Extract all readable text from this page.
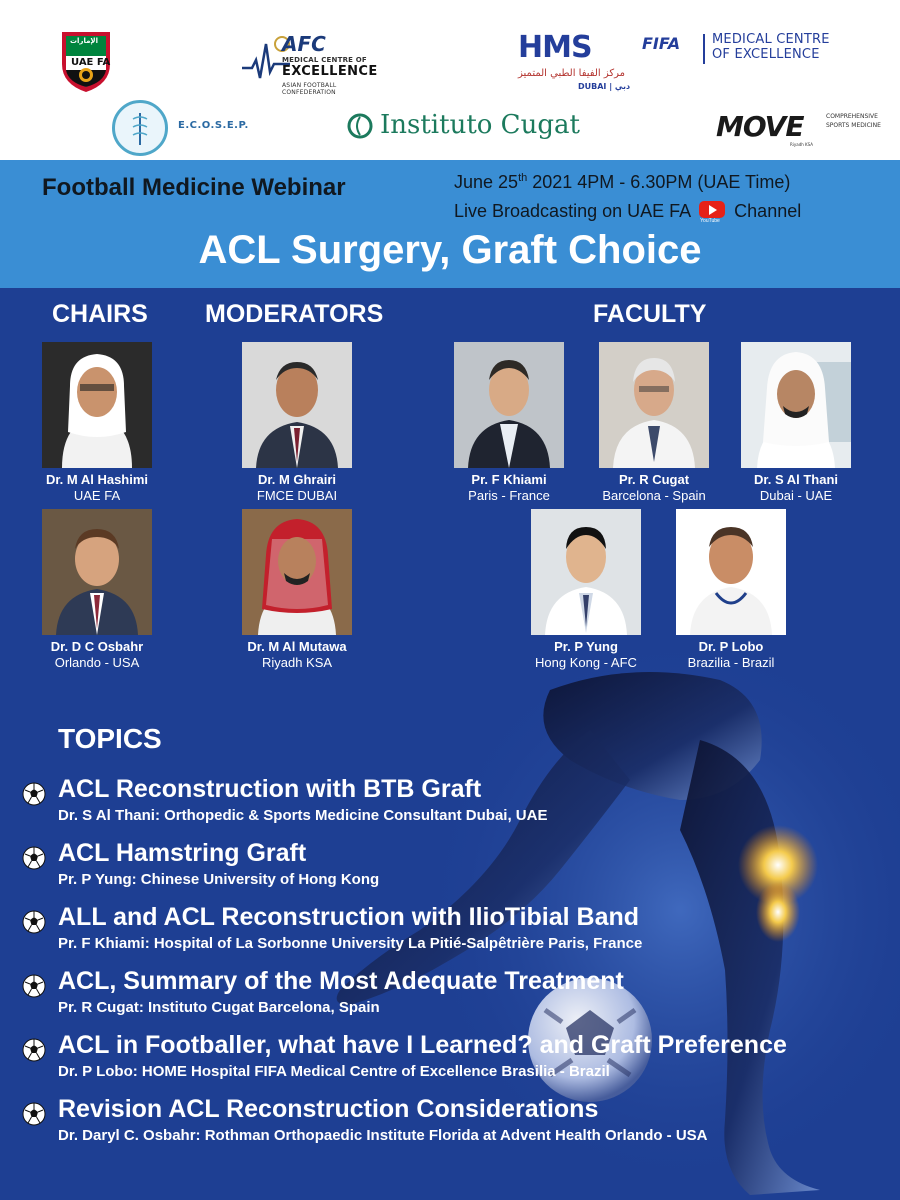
الإمارات
UAE FA
AFC
MEDICAL CENTRE OF
EXCELLENCE
ASIAN FOOTBALL CONFEDERATION
HMS	FIFA
مركز الفيفا الطبي المتميز
DUBAI | دبي
MEDICAL CENTRE
OF EXCELLENCE
E.C.O.S.E.P.	Instituto Cugat	MOVE	COMPREHENSIVE
SPORTS MEDICINE
Riyadh KSA
Football Medicine Webinar	June 25th 2021 4PM - 6.30PM (UAE Time)
Live Broadcasting on UAE FA YouTube Channel
ACL Surgery, Graft Choice
CHAIRS MODERATORS	FACULTY
Dr. M Al Hashimi
UAE FA
Dr. D C Osbahr
Orlando - USA
Dr. M Ghrairi
FMCE DUBAI
Dr. M Al Mutawa
Riyadh KSA
Pr. F Khiami
Paris - France
Pr. R Cugat
Barcelona - Spain
Dr. S Al Thani
Dubai - UAE
Pr. P Yung
Hong Kong - AFC
Dr. P Lobo
Brazilia - Brazil
TOPICS
ACL Reconstruction with BTB Graft
Dr. S Al Thani: Orthopedic & Sports Medicine Consultant Dubai, UAE
ACL Hamstring Graft
Pr. P Yung: Chinese University of Hong Kong
ALL and ACL Reconstruction with IlioTibial Band
Pr. F Khiami: Hospital of La Sorbonne University La Pitié-Salpêtrière Paris, France
ACL, Summary of the Most Adequate Treatment
Pr. R Cugat: Instituto Cugat Barcelona, Spain
ACL in Footballer, what have I Learned? and Graft Preference
Dr. P Lobo: HOME Hospital FIFA Medical Centre of Excellence Brasilia - Brazil
Revision ACL Reconstruction Considerations
Dr. Daryl C. Osbahr: Rothman Orthopaedic Institute Florida at Advent Health Orlando - USA
